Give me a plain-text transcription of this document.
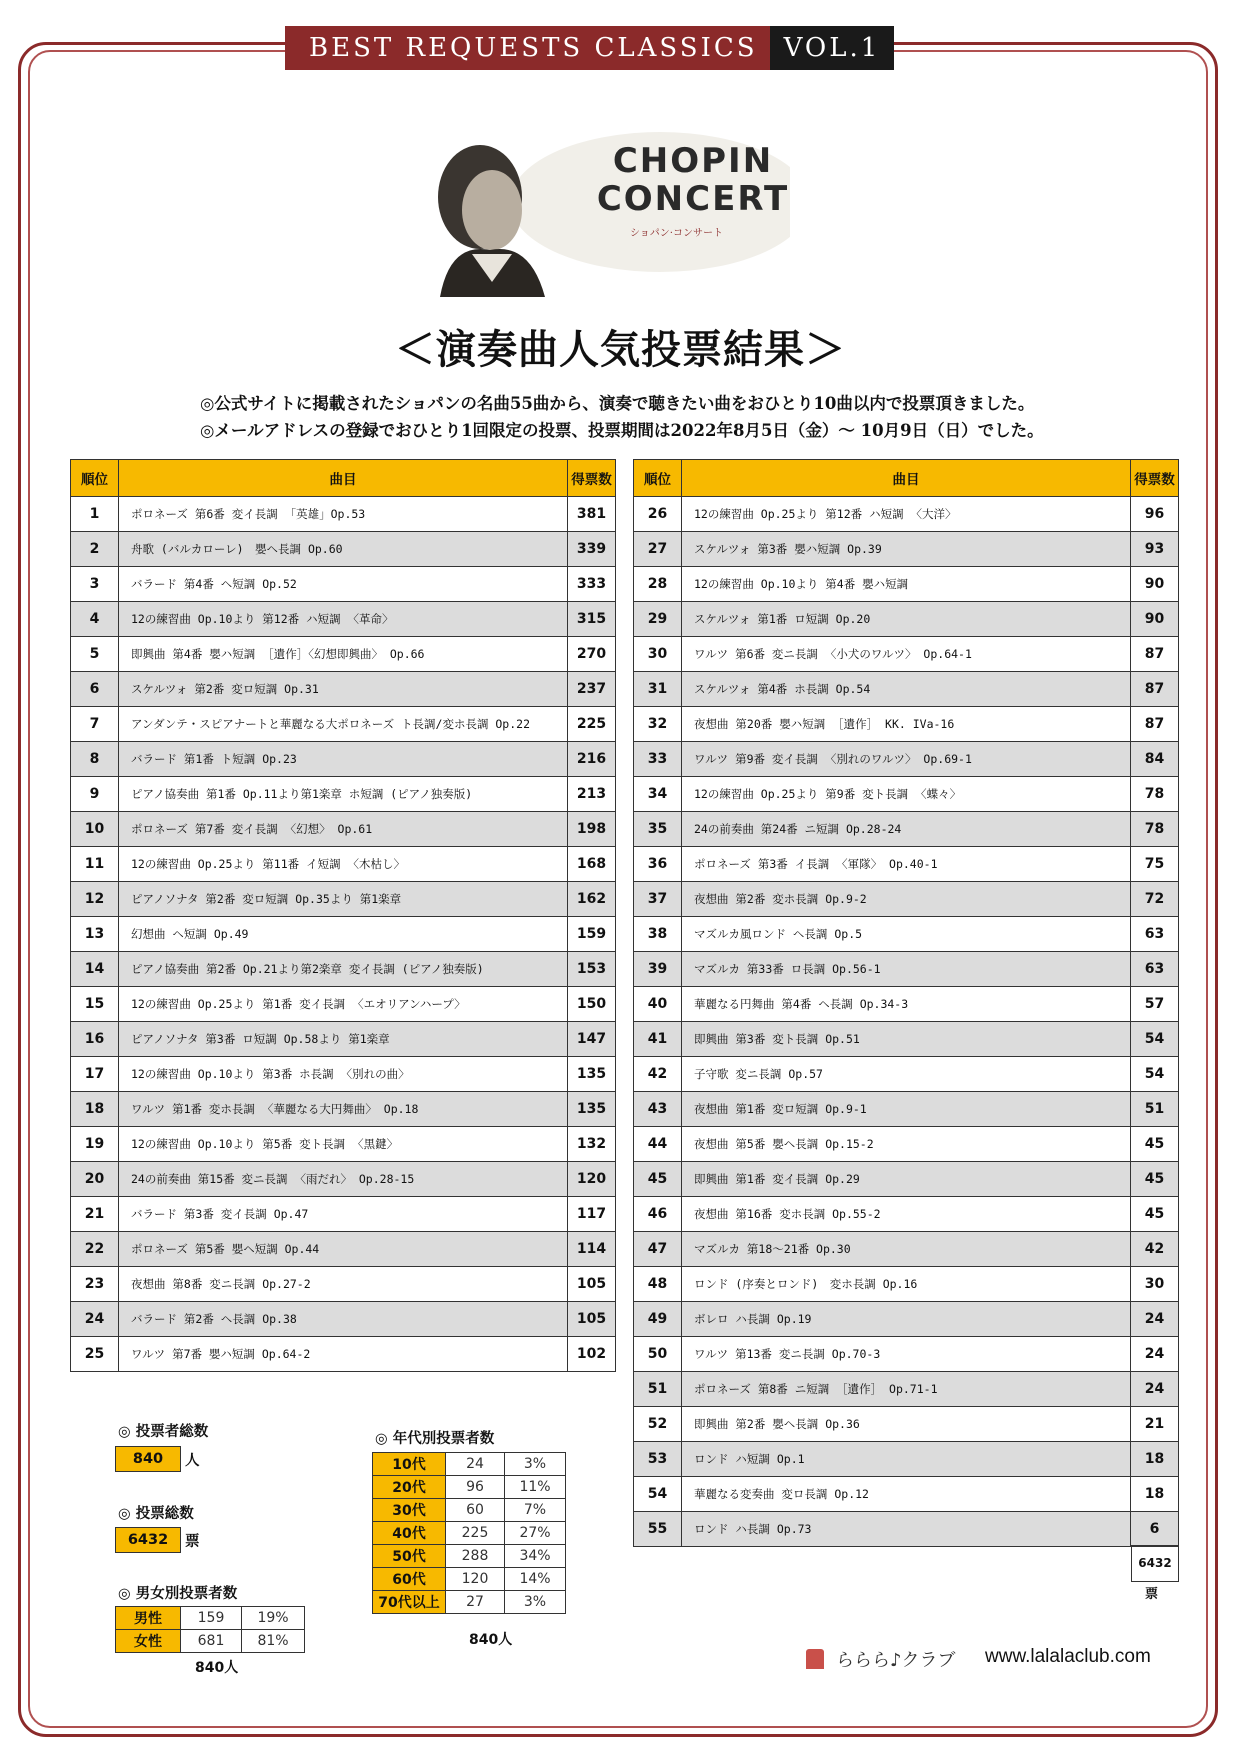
BEST REQUESTS CLASSICS	VOL.1
CHOPIN
CONCERT
ショパン·コンサート
＜演奏曲人気投票結果＞
◎公式サイトに掲載されたショパンの名曲55曲から、演奏で聴きたい曲をおひとり10曲以内で投票頂きました。
◎メールアドレスの登録でおひとり1回限定の投票、投票期間は2022年8月5日（金）～ 10月9日（日）でした。
順位	曲目	得票数
1	ポロネーズ 第6番 変イ長調 「英雄」Op.53	381
2	舟歌 (バルカローレ)　嬰ヘ長調 Op.60	339
3	バラード 第4番 ヘ短調 Op.52	333
4	12の練習曲 Op.10より 第12番 ハ短調 〈革命〉	315
5	即興曲 第4番 嬰ハ短調 ［遺作］〈幻想即興曲〉 Op.66	270
6	スケルツォ 第2番 変ロ短調 Op.31	237
7	アンダンテ・スピアナートと華麗なる大ポロネーズ ト長調/変ホ長調 Op.22	225
8	バラード 第1番 ト短調 Op.23	216
9	ピアノ協奏曲 第1番 Op.11より第1楽章 ホ短調 (ピアノ独奏版)	213
10	ポロネーズ 第7番 変イ長調 〈幻想〉 Op.61	198
11	12の練習曲 Op.25より 第11番 イ短調 〈木枯し〉	168
12	ピアノソナタ 第2番 変ロ短調 Op.35より 第1楽章	162
13	幻想曲 ヘ短調 Op.49	159
14	ピアノ協奏曲 第2番 Op.21より第2楽章 変イ長調 (ピアノ独奏版)	153
15	12の練習曲 Op.25より 第1番 変イ長調 〈エオリアンハープ〉	150
16	ピアノソナタ 第3番 ロ短調 Op.58より 第1楽章	147
17	12の練習曲 Op.10より 第3番 ホ長調 〈別れの曲〉	135
18	ワルツ 第1番 変ホ長調 〈華麗なる大円舞曲〉 Op.18	135
19	12の練習曲 Op.10より 第5番 変ト長調 〈黒鍵〉	132
20	24の前奏曲 第15番 変ニ長調 〈雨だれ〉 Op.28-15	120
21	バラード 第3番 変イ長調 Op.47	117
22	ポロネーズ 第5番 嬰ヘ短調 Op.44	114
23	夜想曲 第8番 変ニ長調 Op.27-2	105
24	バラード 第2番 ヘ長調 Op.38	105
25	ワルツ 第7番 嬰ハ短調 Op.64-2	102
順位	曲目	得票数
26	12の練習曲 Op.25より 第12番 ハ短調 〈大洋〉	96
27	スケルツォ 第3番 嬰ハ短調 Op.39	93
28	12の練習曲 Op.10より 第4番 嬰ハ短調	90
29	スケルツォ 第1番 ロ短調 Op.20	90
30	ワルツ 第6番 変ニ長調 〈小犬のワルツ〉 Op.64-1	87
31	スケルツォ 第4番 ホ長調 Op.54	87
32	夜想曲 第20番 嬰ハ短調 ［遺作］ KK. IVa-16	87
33	ワルツ 第9番 変イ長調 〈別れのワルツ〉 Op.69-1	84
34	12の練習曲 Op.25より 第9番 変ト長調 〈蝶々〉	78
35	24の前奏曲 第24番 ニ短調 Op.28-24	78
36	ポロネーズ 第3番 イ長調 〈軍隊〉 Op.40-1	75
37	夜想曲 第2番 変ホ長調 Op.9-2	72
38	マズルカ風ロンド ヘ長調 Op.5	63
39	マズルカ 第33番 ロ長調 Op.56-1	63
40	華麗なる円舞曲 第4番 ヘ長調 Op.34-3	57
41	即興曲 第3番 変ト長調 Op.51	54
42	子守歌 変ニ長調 Op.57	54
43	夜想曲 第1番 変ロ短調 Op.9-1	51
44	夜想曲 第5番 嬰ヘ長調 Op.15-2	45
45	即興曲 第1番 変イ長調 Op.29	45
46	夜想曲 第16番 変ホ長調 Op.55-2	45
47	マズルカ 第18～21番 Op.30	42
48	ロンド (序奏とロンド)　変ホ長調 Op.16	30
49	ボレロ ハ長調 Op.19	24
50	ワルツ 第13番 変ニ長調 Op.70-3	24
51	ポロネーズ 第8番 ニ短調 ［遺作］ Op.71-1	24
52	即興曲 第2番 嬰ヘ長調 Op.36	21
53	ロンド ハ短調 Op.1	18
54	華麗なる変奏曲 変ロ長調 Op.12	18
55	ロンド ハ長調 Op.73	6
6432
票
◎ 投票者総数
840	人
◎ 投票総数
6432	票
◎ 男女別投票者数
男性	159	19%
女性	681	81%
840人
◎ 年代別投票者数
10代	24	3%
20代	96	11%
30代	60	7%
40代	225	27%
50代	288	34%
60代	120	14%
70代以上	27	3%
840人
ららら♪クラブ www.lalalaclub.com
